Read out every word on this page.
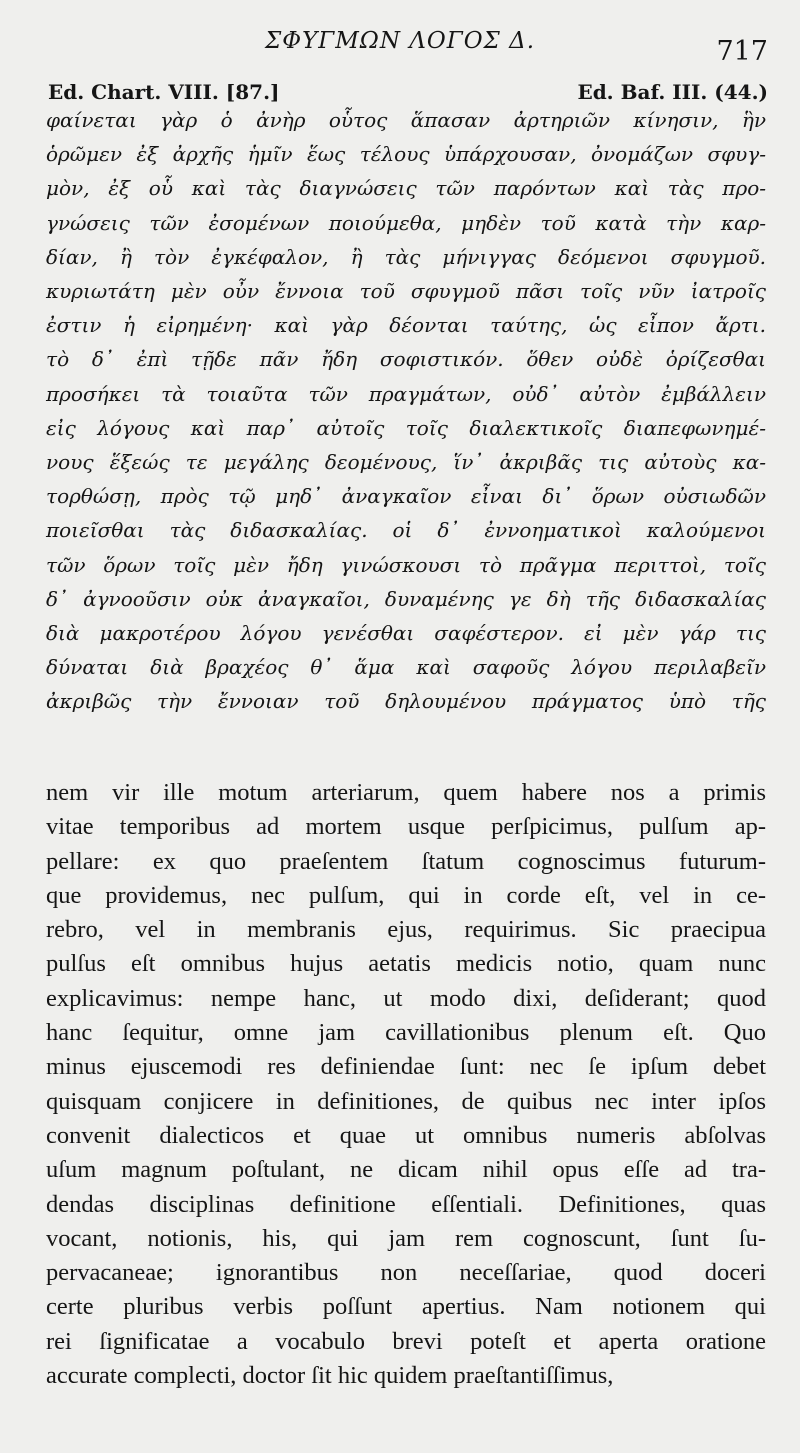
ΣΦΥΓΜΩΝ ΛΟΓΟΣ Δ.	717
Ed. Chart. VIII. [87.]	Ed. Baf. III. (44.)
φαίνεται γὰρ ὁ ἀνὴρ οὗτος ἅπασαν ἀρτηριῶν κίνησιν, ἣν
ὁρῶμεν ἐξ ἀρχῆς ἡμῖν ἕως τέλους ὑπάρχουσαν, ὀνομάζων σφυγ-
μὸν, ἐξ οὗ καὶ τὰς διαγνώσεις τῶν παρόντων καὶ τὰς προ-
γνώσεις τῶν ἐσομένων ποιούμεθα, μηδὲν τοῦ κατὰ τὴν καρ-
δίαν, ἢ τὸν ἐγκέφαλον, ἢ τὰς μήνιγγας δεόμενοι σφυγμοῦ.
κυριωτάτη μὲν οὖν ἔννοια τοῦ σφυγμοῦ πᾶσι τοῖς νῦν ἰατροῖς
ἐστιν ἡ εἰρημένη· καὶ γὰρ δέονται ταύτης, ὡς εἶπον ἄρτι.
τὸ δ᾽ ἐπὶ τῇδε πᾶν ἤδη σοφιστικόν. ὅθεν οὐδὲ ὁρίζεσθαι
προσήκει τὰ τοιαῦτα τῶν πραγμάτων, οὐδ᾽ αὐτὸν ἐμβάλλειν
εἰς λόγους καὶ παρ᾽ αὐτοῖς τοῖς διαλεκτικοῖς διαπεφωνημέ-
νους ἕξεώς τε μεγάλης δεομένους, ἵν᾽ ἀκριβᾶς τις αὐτοὺς κα-
τορθώσῃ, πρὸς τῷ μηδ᾽ ἀναγκαῖον εἶναι δι᾽ ὅρων οὐσιωδῶν
ποιεῖσθαι τὰς διδασκαλίας. οἱ δ᾽ ἐννοηματικοὶ καλούμενοι
τῶν ὅρων τοῖς μὲν ἤδη γινώσκουσι τὸ πρᾶγμα περιττοὶ, τοῖς
δ᾽ ἀγνοοῦσιν οὐκ ἀναγκαῖοι, δυναμένης γε δὴ τῆς διδασκαλίας
διὰ μακροτέρου λόγου γενέσθαι σαφέστερον. εἰ μὲν γάρ τις
δύναται διὰ βραχέος θ᾽ ἅμα καὶ σαφοῦς λόγου περιλαβεῖν
ἀκριβῶς τὴν ἔννοιαν τοῦ δηλουμένου πράγματος ὑπὸ τῆς
nem vir ille motum arteriarum, quem habere nos a primis
vitae temporibus ad mortem usque perſpicimus, pulſum ap-
pellare: ex quo praeſentem ſtatum cognoscimus futurum-
que providemus, nec pulſum, qui in corde eſt, vel in ce-
rebro, vel in membranis ejus, requirimus. Sic praecipua
pulſus eſt omnibus hujus aetatis medicis notio, quam nunc
explicavimus: nempe hanc, ut modo dixi, deſiderant; quod
hanc ſequitur, omne jam cavillationibus plenum eſt. Quo
minus ejuscemodi res definiendae ſunt: nec ſe ipſum debet
quisquam conjicere in definitiones, de quibus nec inter ipſos
convenit dialecticos et quae ut omnibus numeris abſolvas
uſum magnum poſtulant, ne dicam nihil opus eſſe ad tra-
dendas disciplinas definitione eſſentiali. Definitiones, quas
vocant, notionis, his, qui jam rem cognoscunt, ſunt ſu-
pervacaneae; ignorantibus non neceſſariae, quod doceri
certe pluribus verbis poſſunt apertius. Nam notionem qui
rei ſignificatae a vocabulo brevi poteſt et aperta oratione
accurate complecti, doctor ſit hic quidem praeſtantiſſimus,
